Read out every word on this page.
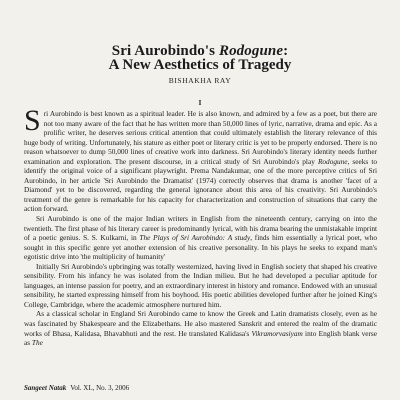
Sri Aurobindo's Rodogune:
A New Aesthetics of Tragedy
BISHAKHA RAY
I

Sri Aurobindo is best known as a spiritual leader. He is also known, and admired by a few as a poet, but there are not too many aware of the fact that he has written more than 50,000 lines of lyric, narrative, drama and epic. As a prolific writer, he deserves serious critical attention that could ultimately establish the literary relevance of this huge body of writing. Unfortunately, his stature as either poet or literary critic is yet to be properly endorsed. There is no reason whatsoever to dump 50,000 lines of creative work into darkness. Sri Aurobindo's literary identity needs further examination and exploration. The present discourse, in a critical study of Sri Aurobindo's play Rodogune, seeks to identify the original voice of a significant playwright. Prema Nandakumar, one of the more perceptive critics of Sri Aurobindo, in her article 'Sri Aurobindo the Dramatist' (1974) correctly observes that drama is another 'facet of a Diamond' yet to be discovered, regarding the general ignorance about this area of his creativity. Sri Aurobindo's treatment of the genre is remarkable for his capacity for characterization and construction of situations that carry the action forward.

Sri Aurobindo is one of the major Indian writers in English from the nineteenth century, carrying on into the twentieth. The first phase of his literary career is predominantly lyrical, with his drama bearing the unmistakable imprint of a poetic genius. S. S. Kulkarni, in The Plays of Sri Aurobindo: A study, finds him essentially a lyrical poet, who sought in this specific genre yet another extension of his creative personality. In his plays he seeks to expand man's egotistic drive into 'the multiplicity of humanity'

Initially Sri Aurobindo's upbringing was totally westernized, having lived in English society that shaped his creative sensibility. From his infancy he was isolated from the Indian milieu. But he had developed a peculiar aptitude for languages, an intense passion for poetry, and an extraordinary interest in history and romance. Endowed with an unusual sensibility, he started expressing himself from his boyhood. His poetic abilities developed further after he joined King's College, Cambridge, where the academic atmosphere nurtured him.

As a classical scholar in England Sri Aurobindo came to know the Greek and Latin dramatists closely, even as he was fascinated by Shakespeare and the Elizabethans. He also mastered Sanskrit and entered the realm of the dramatic works of Bhasa, Kalidasa, Bhavabhuti and the rest. He translated Kalidasa's Vikramorvasiyam into English blank verse as The

Sangeet Natak Vol. XL, No. 3, 2006
